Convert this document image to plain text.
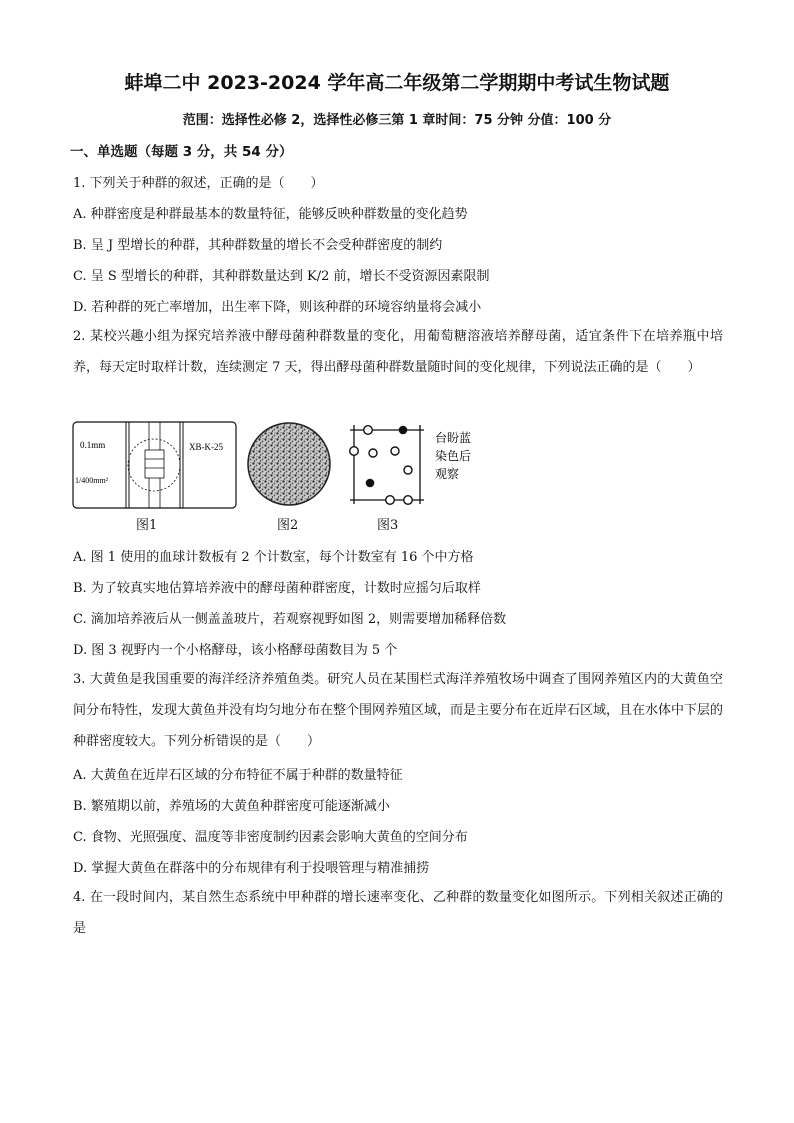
蚌埠二中 2023-2024 学年高二年级第二学期期中考试生物试题
范围：选择性必修 2，选择性必修三第 1 章时间：75 分钟 分值：100 分
一、单选题（每题 3 分，共 54 分）
1. 下列关于种群的叙述，正确的是（　　）
A. 种群密度是种群最基本的数量特征，能够反映种群数量的变化趋势
B. 呈 J 型增长的种群，其种群数量的增长不会受种群密度的制约
C. 呈 S 型增长的种群，其种群数量达到 K/2 前，增长不受资源因素限制
D. 若种群的死亡率增加，出生率下降，则该种群的环境容纳量将会减小
2. 某校兴趣小组为探究培养液中酵母菌种群数量的变化，用葡萄糖溶液培养酵母菌，适宜条件下在培养瓶中培养，每天定时取样计数，连续测定 7 天，得出酵母菌种群数量随时间的变化规律，下列说法正确的是（　　）
0.1mm
1/400mm²
XB-K-25
台盼蓝
染色后
观察
图1	图2	图3
A. 图 1 使用的血球计数板有 2 个计数室，每个计数室有 16 个中方格
B. 为了较真实地估算培养液中的酵母菌种群密度，计数时应摇匀后取样
C. 滴加培养液后从一侧盖盖玻片，若观察视野如图 2，则需要增加稀释倍数
D. 图 3 视野内一个小格酵母，该小格酵母菌数目为 5 个
3. 大黄鱼是我国重要的海洋经济养殖鱼类。研究人员在某围栏式海洋养殖牧场中调查了围网养殖区内的大黄鱼空间分布特性，发现大黄鱼并没有均匀地分布在整个围网养殖区域，而是主要分布在近岸石区域，且在水体中下层的种群密度较大。下列分析错误的是（　　）
A. 大黄鱼在近岸石区域的分布特征不属于种群的数量特征
B. 繁殖期以前，养殖场的大黄鱼种群密度可能逐渐减小
C. 食物、光照强度、温度等非密度制约因素会影响大黄鱼的空间分布
D. 掌握大黄鱼在群落中的分布规律有利于投喂管理与精准捕捞
4. 在一段时间内，某自然生态系统中甲种群的增长速率变化、乙种群的数量变化如图所示。下列相关叙述正确的是
